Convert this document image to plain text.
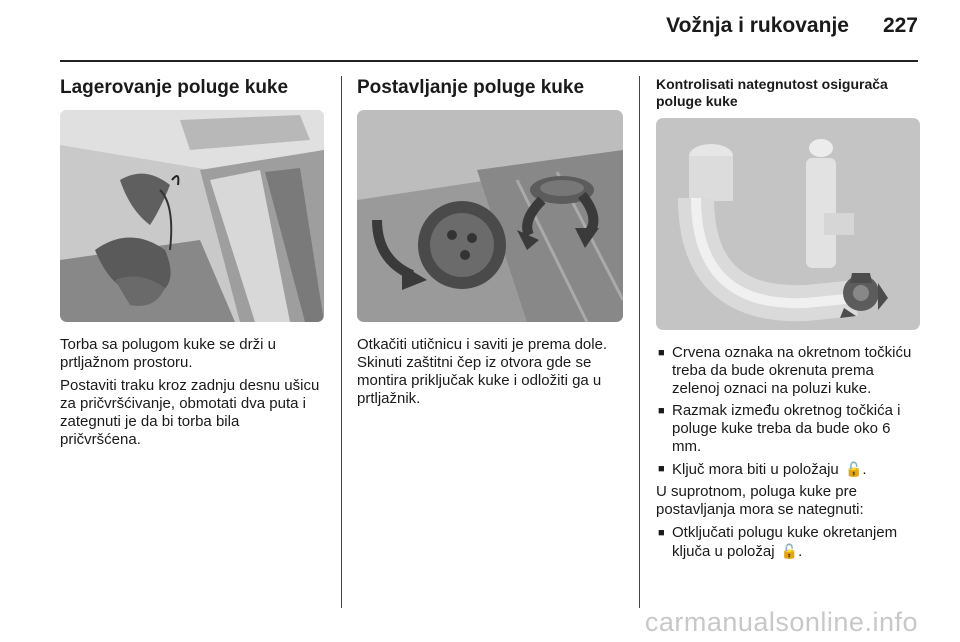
Vožnja i rukovanje 227
Lagerovanje poluge kuke

Torba sa polugom kuke se drži u prtljažnom prostoru.

Postaviti traku kroz zadnju desnu ušicu za pričvršćivanje, obmotati dva puta i zategnuti je da bi torba bila pričvršćena.

Postavljanje poluge kuke

Otkačiti utičnicu i saviti je prema dole. Skinuti zaštitni čep iz otvora gde se montira priključak kuke i odložiti ga u prtljažnik.

Kontrolisati nategnutost osigurača poluge kuke
■ Crvena oznaka na okretnom točkiću treba da bude okrenuta prema zelenoj oznaci na poluzi kuke.
■ Razmak između okretnog točkića i poluge kuke treba da bude oko 6 mm.
■ Ključ mora biti u položaju 🔓.

U suprotnom, poluga kuke pre postavljanja mora se nategnuti:

■ Otključati polugu kuke okretanjem ključa u položaj 🔓.
carmanualsonline.info
